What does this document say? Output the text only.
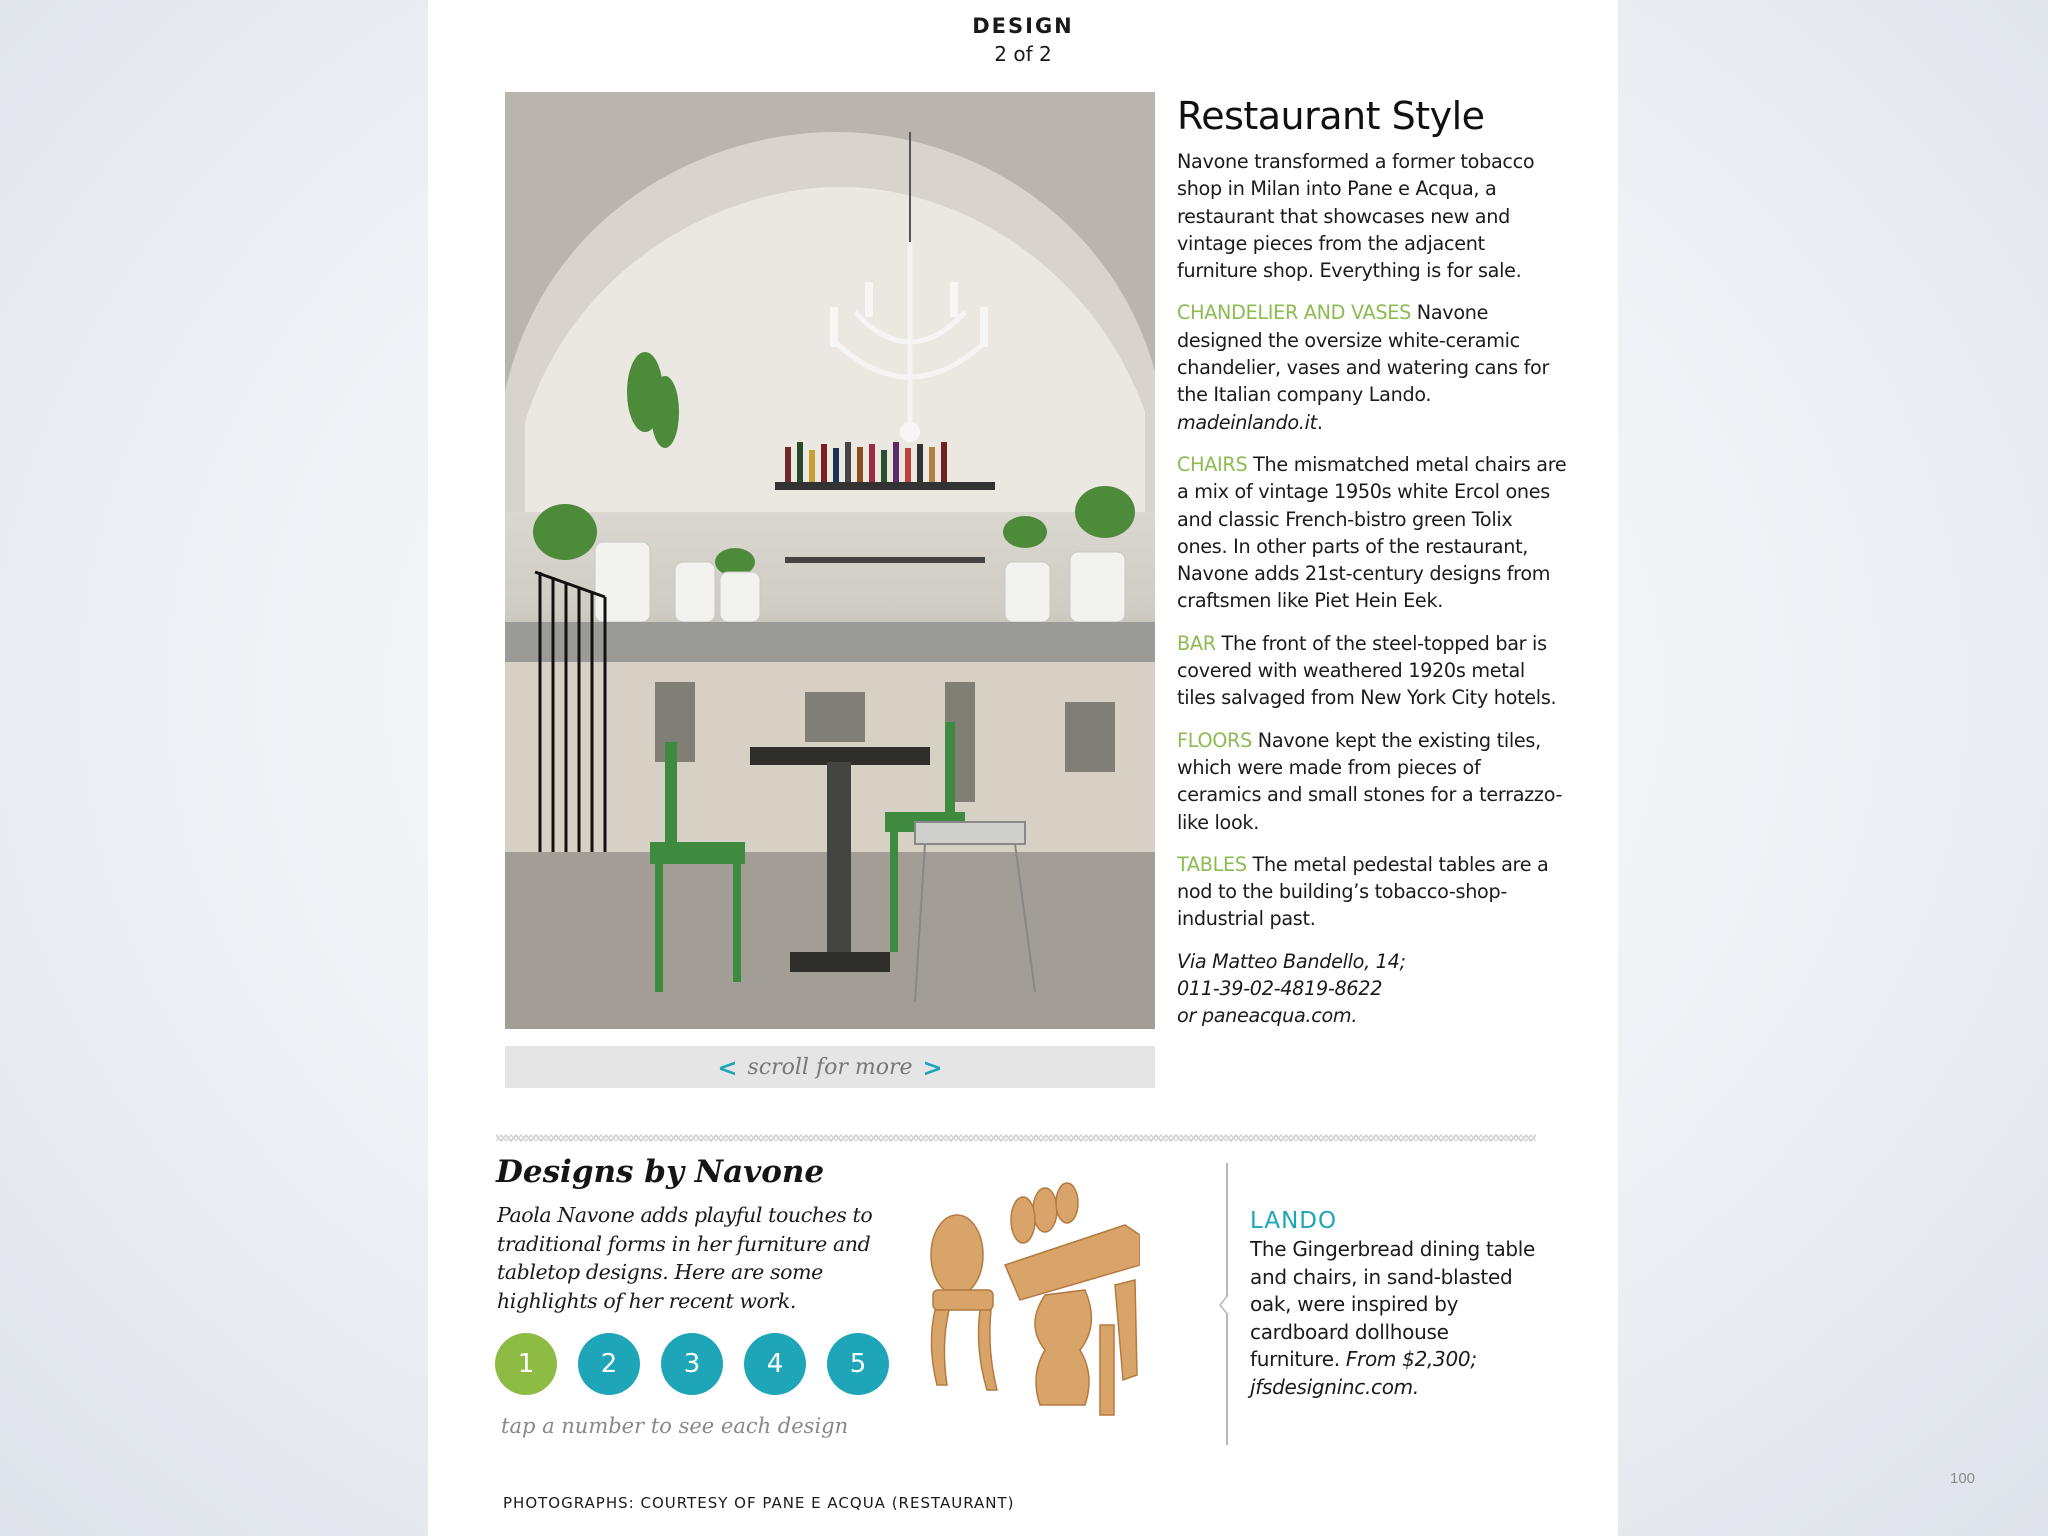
DESIGN
2 of 2
< scroll for more >
Restaurant Style

Navone transformed a former tobacco shop in Milan into Pane e Acqua, a restaurant that showcases new and vintage pieces from the adjacent furniture shop. Everything is for sale.

CHANDELIER AND VASES Navone designed the oversize white-ceramic chandelier, vases and watering cans for the Italian company Lando. madeinlando.it.

CHAIRS The mismatched metal chairs are a mix of vintage 1950s white Ercol ones and classic French-bistro green Tolix ones. In other parts of the restaurant, Navone adds 21st-century designs from craftsmen like Piet Hein Eek.

BAR The front of the steel-topped bar is covered with weathered 1920s metal tiles salvaged from New York City hotels.

FLOORS Navone kept the existing tiles, which were made from pieces of ceramics and small stones for a terrazzo-like look.

TABLES The metal pedestal tables are a nod to the building’s tobacco-shop-industrial past.

Via Matteo Bandello, 14;
011-39-02-4819-8622
or paneacqua.com.

Designs by Navone
Paola Navone adds playful touches to traditional forms in her furniture and tabletop designs. Here are some highlights of her recent work.
1	2	3	4	5
tap a number to see each design
LANDO
The Gingerbread dining table and chairs, in sand-blasted oak, were inspired by cardboard dollhouse furniture. From $2,300; jfsdesigninc.com.
PHOTOGRAPHS: COURTESY OF PANE E ACQUA (RESTAURANT)
100
